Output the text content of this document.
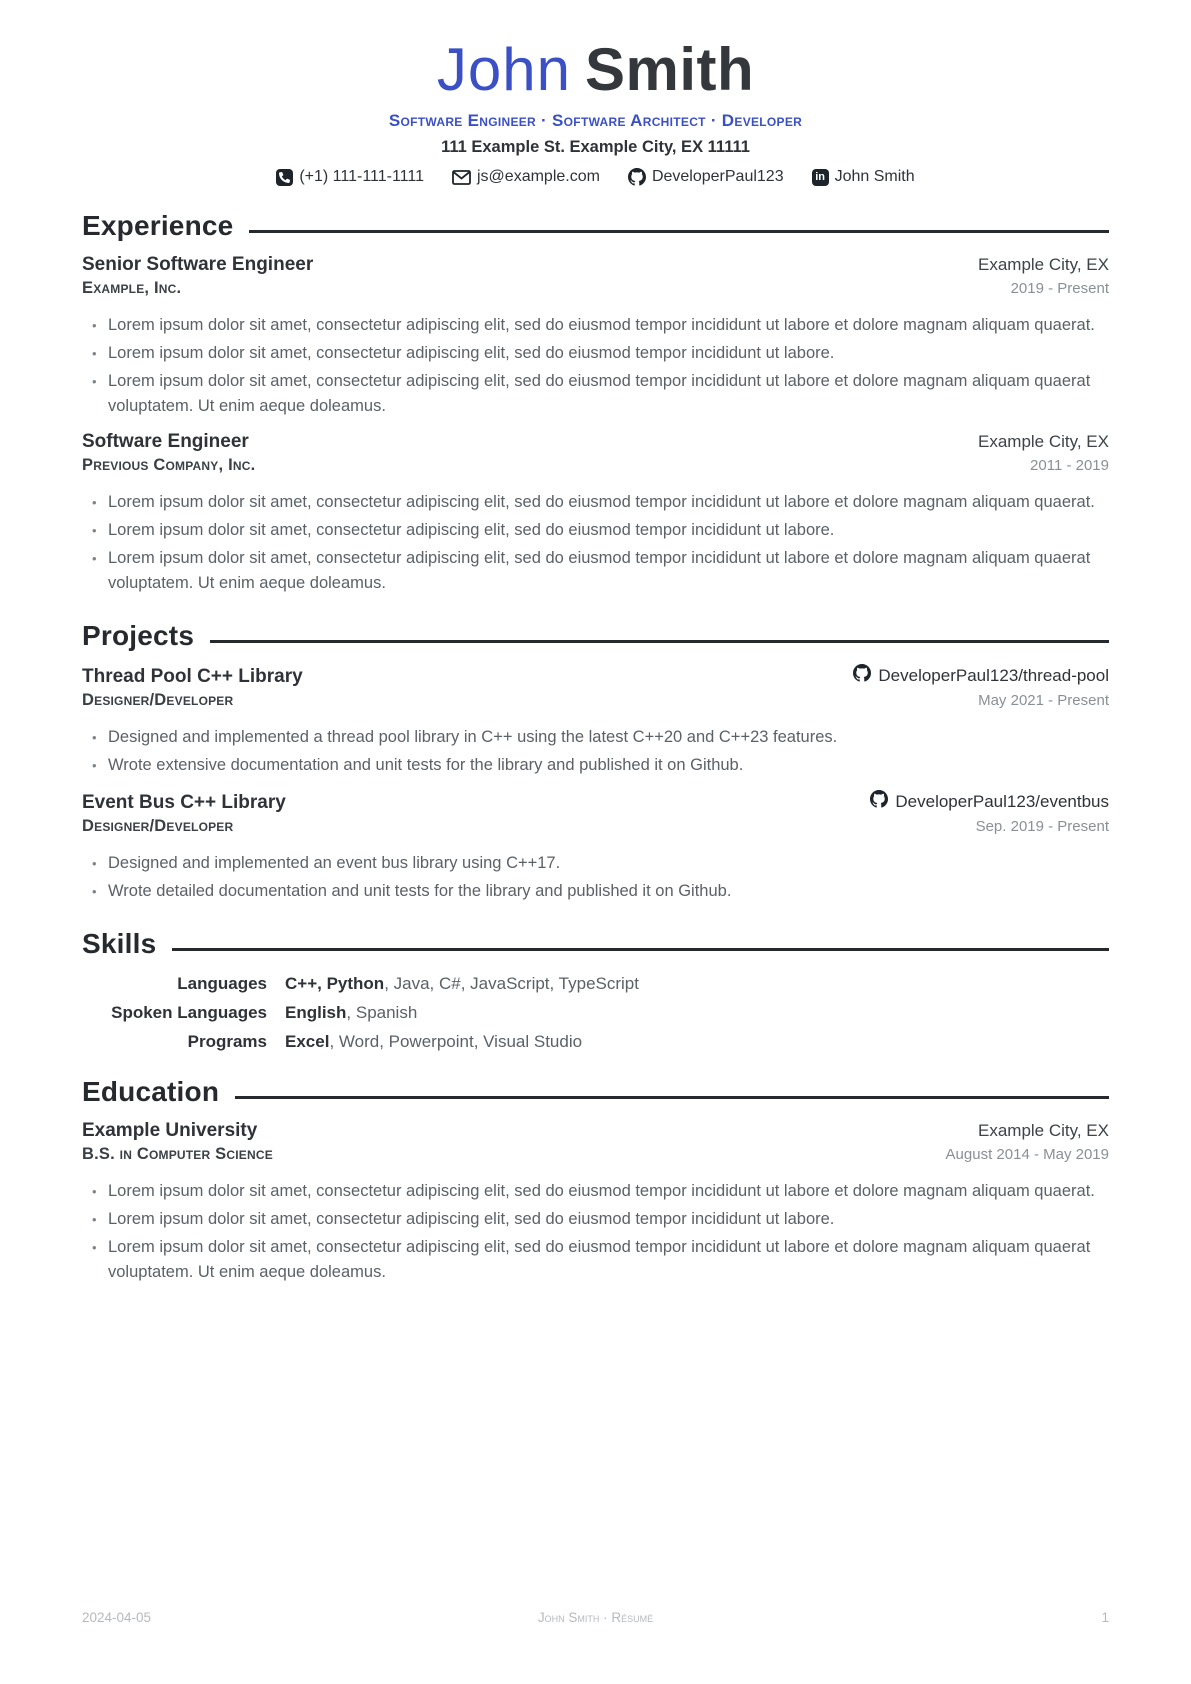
John Smith
Software Engineer · Software Architect · Developer
111 Example St. Example City, EX 11111
(+1) 111-111-1111	js@example.com	DeveloperPaul123	in John Smith
Experience
Senior Software Engineer	Example City, EX
Example, Inc.	2019 - Present
• Lorem ipsum dolor sit amet, consectetur adipiscing elit, sed do eiusmod tempor incididunt ut labore et dolore magnam aliquam quaerat.
• Lorem ipsum dolor sit amet, consectetur adipiscing elit, sed do eiusmod tempor incididunt ut labore.
• Lorem ipsum dolor sit amet, consectetur adipiscing elit, sed do eiusmod tempor incididunt ut labore et dolore magnam aliquam quaerat voluptatem. Ut enim aeque doleamus.
Software Engineer	Example City, EX
Previous Company, Inc.	2011 - 2019
• Lorem ipsum dolor sit amet, consectetur adipiscing elit, sed do eiusmod tempor incididunt ut labore et dolore magnam aliquam quaerat.
• Lorem ipsum dolor sit amet, consectetur adipiscing elit, sed do eiusmod tempor incididunt ut labore.
• Lorem ipsum dolor sit amet, consectetur adipiscing elit, sed do eiusmod tempor incididunt ut labore et dolore magnam aliquam quaerat voluptatem. Ut enim aeque doleamus.
Projects
Thread Pool C++ Library	DeveloperPaul123/thread-pool
Designer/Developer	May 2021 - Present
• Designed and implemented a thread pool library in C++ using the latest C++20 and C++23 features.
• Wrote extensive documentation and unit tests for the library and published it on Github.
Event Bus C++ Library	DeveloperPaul123/eventbus
Designer/Developer	Sep. 2019 - Present
• Designed and implemented an event bus library using C++17.
• Wrote detailed documentation and unit tests for the library and published it on Github.
Skills
Languages C++, Python, Java, C#, JavaScript, TypeScript
Spoken Languages English, Spanish
Programs Excel, Word, Powerpoint, Visual Studio
Education
Example University	Example City, EX
B.S. in Computer Science	August 2014 - May 2019
• Lorem ipsum dolor sit amet, consectetur adipiscing elit, sed do eiusmod tempor incididunt ut labore et dolore magnam aliquam quaerat.
• Lorem ipsum dolor sit amet, consectetur adipiscing elit, sed do eiusmod tempor incididunt ut labore.
• Lorem ipsum dolor sit amet, consectetur adipiscing elit, sed do eiusmod tempor incididunt ut labore et dolore magnam aliquam quaerat voluptatem. Ut enim aeque doleamus.
2024-04-05	John Smith · Résumé	1
